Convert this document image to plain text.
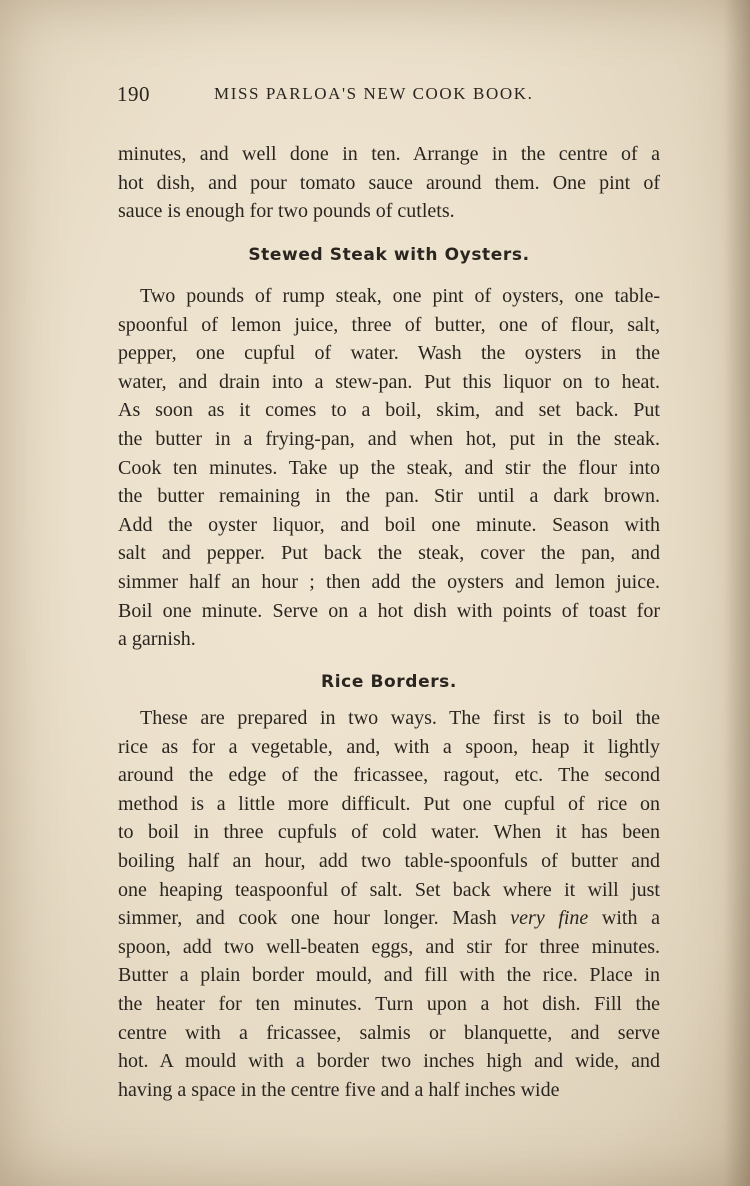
190	MISS PARLOA'S NEW COOK BOOK.
minutes, and well done in ten. Arrange in the centre of a
hot dish, and pour tomato sauce around them. One pint of
sauce is enough for two pounds of cutlets.
Stewed Steak with Oysters.
Two pounds of rump steak, one pint of oysters, one table-
spoonful of lemon juice, three of butter, one of flour, salt,
pepper, one cupful of water. Wash the oysters in the
water, and drain into a stew-pan. Put this liquor on to heat.
As soon as it comes to a boil, skim, and set back. Put
the butter in a frying-pan, and when hot, put in the steak.
Cook ten minutes. Take up the steak, and stir the flour into
the butter remaining in the pan. Stir until a dark brown.
Add the oyster liquor, and boil one minute. Season with
salt and pepper. Put back the steak, cover the pan, and
simmer half an hour ; then add the oysters and lemon juice.
Boil one minute. Serve on a hot dish with points of toast for
a garnish.
Rice Borders.
These are prepared in two ways. The first is to boil the
rice as for a vegetable, and, with a spoon, heap it lightly
around the edge of the fricassee, ragout, etc. The second
method is a little more difficult. Put one cupful of rice on
to boil in three cupfuls of cold water. When it has been
boiling half an hour, add two table-spoonfuls of butter and
one heaping teaspoonful of salt. Set back where it will just
simmer, and cook one hour longer. Mash very fine with a
spoon, add two well-beaten eggs, and stir for three minutes.
Butter a plain border mould, and fill with the rice. Place in
the heater for ten minutes. Turn upon a hot dish. Fill the
centre with a fricassee, salmis or blanquette, and serve
hot. A mould with a border two inches high and wide, and
having a space in the centre five and a half inches wide
